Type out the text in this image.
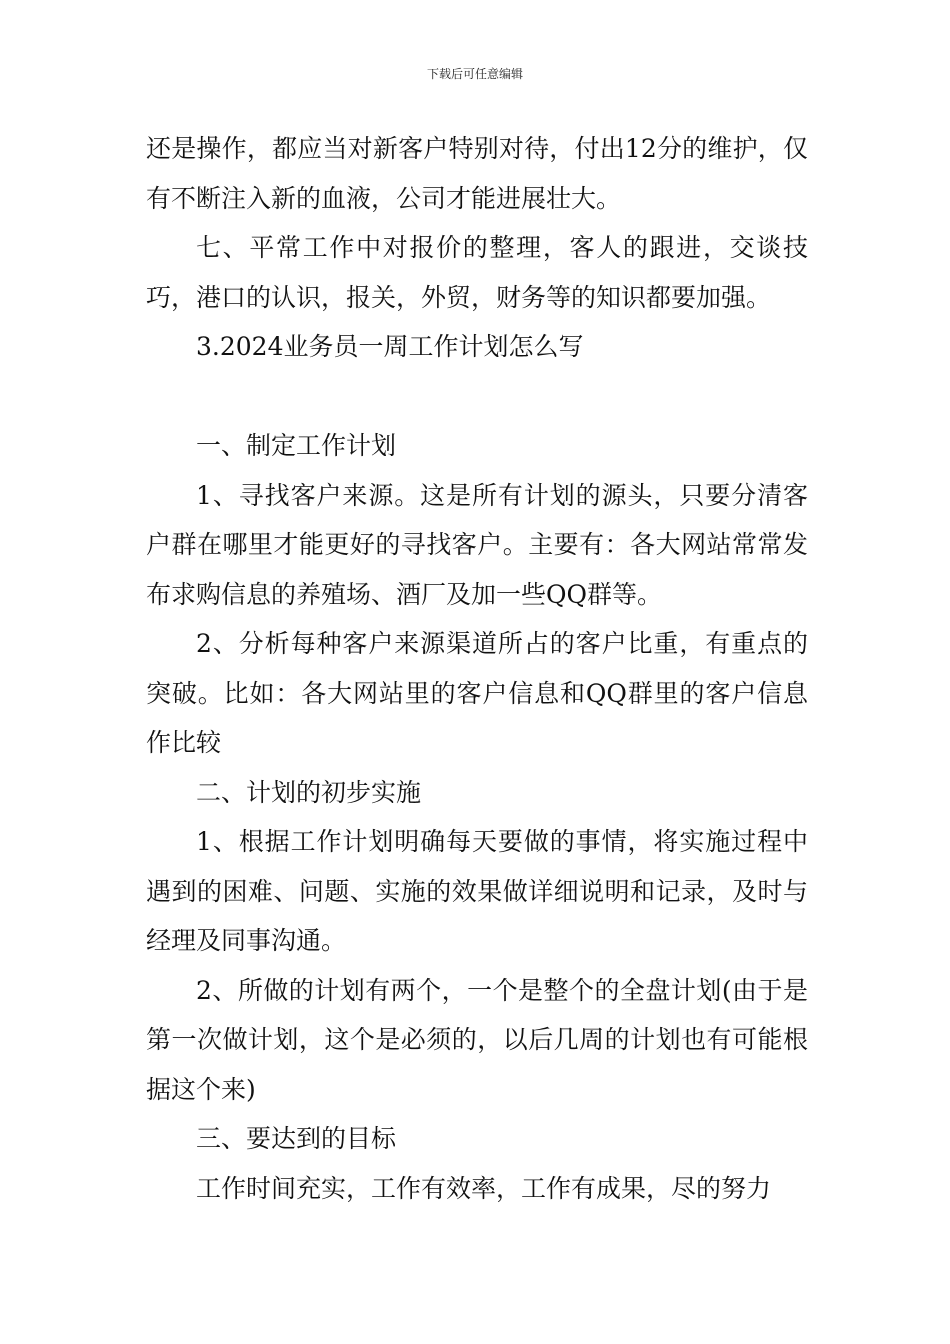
下载后可任意编辑

还是操作，都应当对新客户特别对待，付出12分的维护，仅有不断注入新的血液，公司才能进展壮大。

七、平常工作中对报价的整理，客人的跟进，交谈技巧，港口的认识，报关，外贸，财务等的知识都要加强。

3.2024业务员一周工作计划怎么写

一、制定工作计划

1、寻找客户来源。这是所有计划的源头，只要分清客户群在哪里才能更好的寻找客户。主要有：各大网站常常发布求购信息的养殖场、酒厂及加一些QQ群等。

2、分析每种客户来源渠道所占的客户比重，有重点的突破。比如：各大网站里的客户信息和QQ群里的客户信息作比较

二、计划的初步实施

1、根据工作计划明确每天要做的事情，将实施过程中遇到的困难、问题、实施的效果做详细说明和记录，及时与经理及同事沟通。

2、所做的计划有两个，一个是整个的全盘计划(由于是第一次做计划，这个是必须的，以后几周的计划也有可能根据这个来)

三、要达到的目标

工作时间充实，工作有效率，工作有成果，尽的努力
